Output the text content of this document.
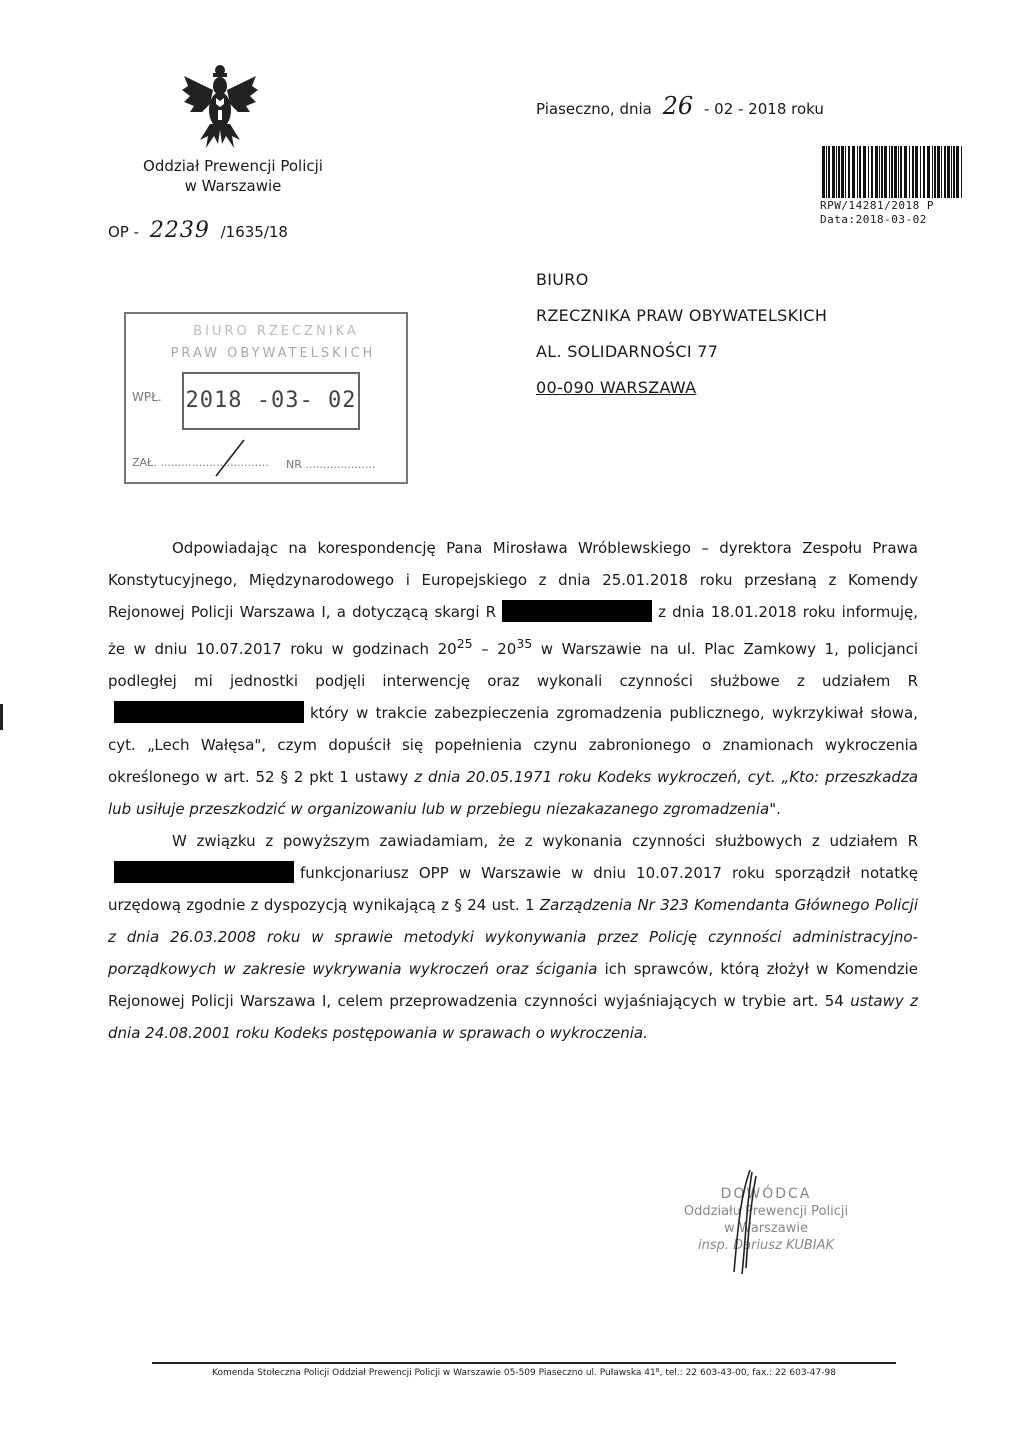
Oddział Prewencji Policji
w Warszawie
OP - 2239 /1635/18
Piaseczno, dnia 26 - 02 - 2018 roku
RPW/14281/2018 P
Data:2018-03-02
BIURO
RZECZNIKA PRAW OBYWATELSKICH
AL. SOLIDARNOŚCI 77
00-090 WARSZAWA
BIURO RZECZNIKA
PRAW OBYWATELSKICH
WPŁ. 2018 -03- 02
ZAŁ. ............................... NR ....................

Odpowiadając na korespondencję Pana Mirosława Wróblewskiego – dyrektora Zespołu Prawa Konstytucyjnego, Międzynarodowego i Europejskiego z dnia 25.01.2018 roku przesłaną z Komendy Rejonowej Policji Warszawa I, a dotyczącą skargi R	z dnia 18.01.2018 roku informuję, że w dniu 10.07.2017 roku w godzinach $20^{25} - 20^{35}$ w Warszawie na ul. Plac Zamkowy 1, policjanci podległej mi jednostki podjęli interwencję oraz wykonali czynności służbowe z udziałem Rktóry w trakcie zabezpieczenia zgromadzenia publicznego, wykrzykiwał słowa, cyt. „Lech Wałęsa", czym dopuścił się popełnienia czynu zabronionego o znamionach wykroczenia określonego w art. 52 § 2 pkt 1 ustawy z dnia 20.05.1971 roku Kodeks wykroczeń, cyt. „Kto: przeszkadza lub usiłuje przeszkodzić w organizowaniu lub w przebiegu niezakazanego zgromadzenia".

W związku z powyższym zawiadamiam, że z wykonania czynności służbowych z udziałem Rfunkcjonariusz OPP w Warszawie w dniu 10.07.2017 roku sporządził notatkę urzędową zgodnie z dyspozycją wynikającą z § 24 ust. 1 Zarządzenia Nr 323 Komendanta Głównego Policji z dnia 26.03.2008 roku w sprawie metodyki wykonywania przez Policję czynności administracyjno-porządkowych w zakresie wykrywania wykroczeń oraz ścigania ich sprawców, którą złożył w Komendzie Rejonowej Policji Warszawa I, celem przeprowadzenia czynności wyjaśniających w trybie art. 54 ustawy z dnia 24.08.2001 roku Kodeks postępowania w sprawach o wykroczenia.

DOWÓDCA
Oddziału Prewencji Policji
w Warszawie
insp. Dariusz KUBIAK
Komenda Stołeczna Policji Oddział Prewencji Policji w Warszawie 05-509 Piaseczno ul. Puławska 41ᴮ, tel.: 22 603-43-00, fax.: 22 603-47-98
